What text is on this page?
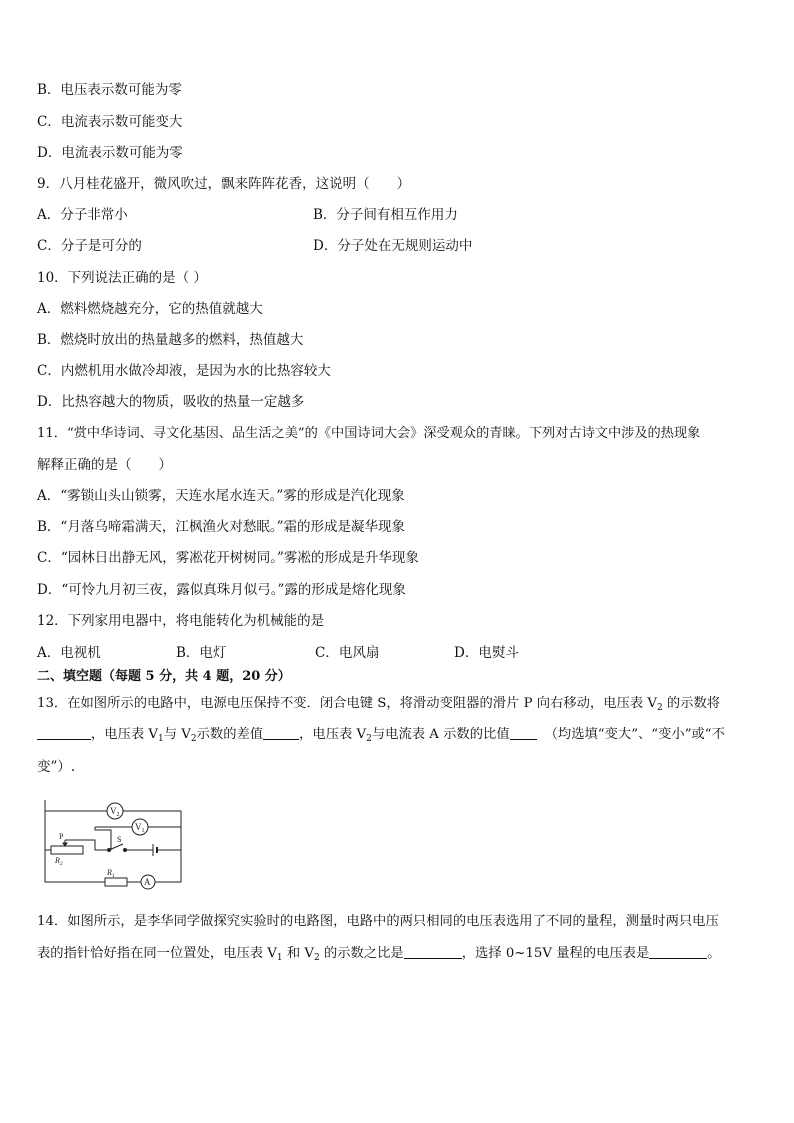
B．电压表示数可能为零
C．电流表示数可能变大
D．电流表示数可能为零
9．八月桂花盛开，微风吹过，飘来阵阵花香，这说明（　　）
A．分子非常小	B．分子间有相互作用力
C．分子是可分的	D．分子处在无规则运动中
10．下列说法正确的是（ ）
A．燃料燃烧越充分，它的热值就越大
B．燃烧时放出的热量越多的燃料，热值越大
C．内燃机用水做冷却液，是因为水的比热容较大
D．比热容越大的物质，吸收的热量一定越多
11．“赏中华诗词、寻文化基因、品生活之美”的《中国诗词大会》深受观众的青睐。下列对古诗文中涉及的热现象
解释正确的是（　　）
A．“雾锁山头山锁雾，天连水尾水连天。”雾的形成是汽化现象
B．“月落乌啼霜满天，江枫渔火对愁眠。”霜的形成是凝华现象
C．“园林日出静无风，雾凇花开树树同。”雾凇的形成是升华现象
D．“可怜九月初三夜，露似真珠月似弓。”露的形成是熔化现象
12．下列家用电器中，将电能转化为机械能的是
A．电视机	B．电灯	C．电风扇	D．电熨斗
二、填空题（每题 5 分，共 4 题，20 分）
13．在如图所示的电路中，电源电压保持不变．闭合电键 S，将滑动变阻器的滑片 P 向右移动，电压表 $V_2$ 的示数将
，电压表 $V_1$与 $V_2$示数的差值	，电压表 $V_2$与电流表 A 示数的比值	（均选填“变大”、“变小”或“不
变”）.
$V_2$
$V_1$
P
$R_2$
S
$R_1$
A
14．如图所示，是李华同学做探究实验时的电路图，电路中的两只相同的电压表选用了不同的量程，测量时两只电压
表的指针恰好指在同一位置处，电压表 $V_1$ 和 $V_2$ 的示数之比是	，选择 0~15V 量程的电压表是	。
